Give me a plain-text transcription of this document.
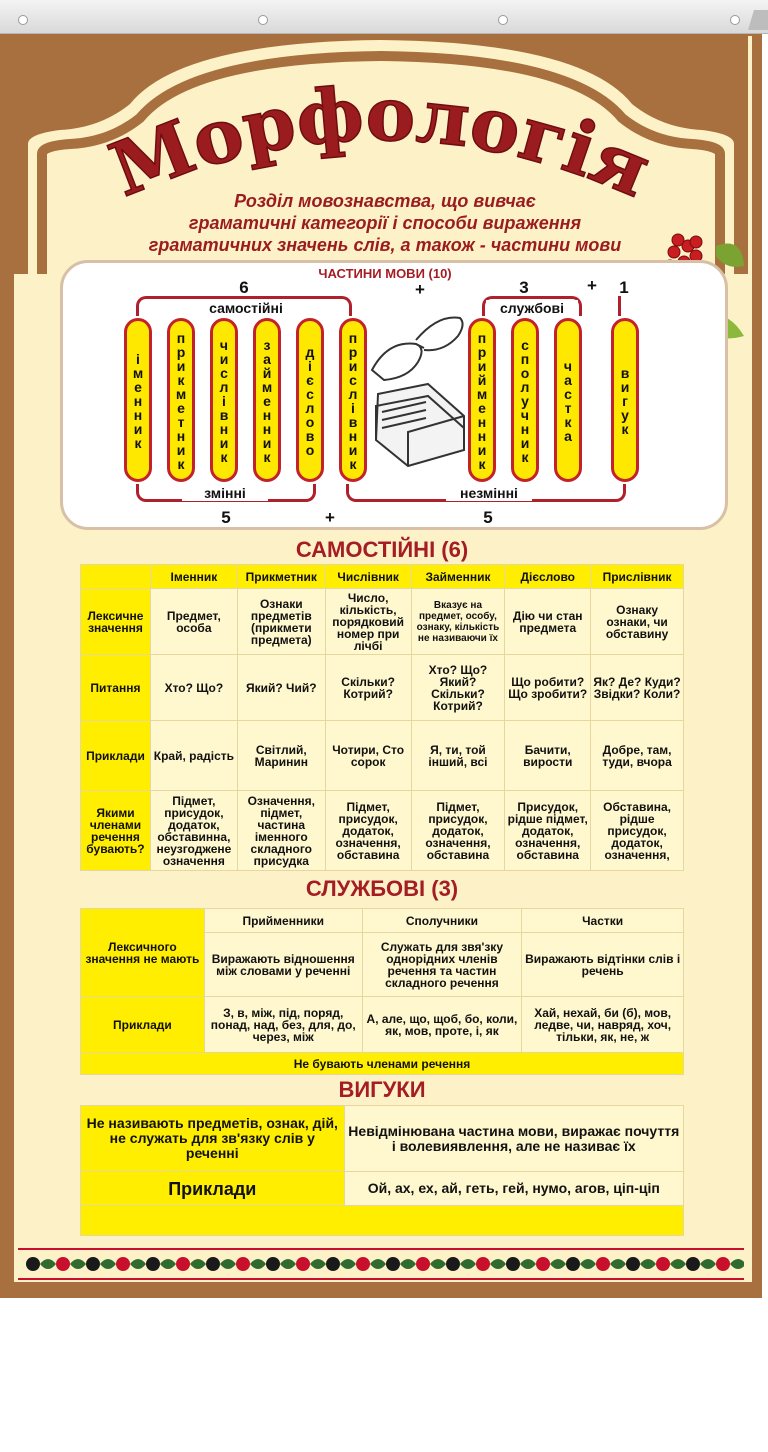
Морфологія
Розділ мовознавства, що вивчає
граматичні категорії і способи вираження
граматичних значень слів, а також - частини мови
ЧАСТИНИ МОВИ (10)
6	+	3	+	1
самостійні	службові
іменник прикметник числівник займенник дієслово прислівник	прийменник сполучник частка	вигук
змінні	незмінні
5	+	5
САМОСТІЙНІ (6)
	Іменник	Прикметник	Числівник	Займенник	Дієслово	Прислівник
Лексичне значення	Предмет, особа	Ознаки предметів (прикмети предмета)	Число, кількість, порядковий номер при лічбі	Вказує на предмет, особу, ознаку, кількість не називаючи їх	Дію чи стан предмета	Ознаку ознаки, чи обставину
Питання	Хто? Що?	Який? Чий?	Скільки? Котрий?	Хто? Що? Який? Скільки? Котрий?	Що робити? Що зробити?	Як? Де? Куди? Звідки? Коли?
Приклади	Край, радість	Світлий, Маринин	Чотири, Сто сорок	Я, ти, той інший, всі	Бачити, вирости	Добре, там, туди, вчора
Якими членами речення бувають?	Підмет, присудок, додаток, обставинна, неузгоджене означення	Означення, підмет, частина іменного складного присудка	Підмет, присудок, додаток, означення, обставина	Підмет, присудок, додаток, означення, обставина	Присудок, рідше підмет, додаток, означення, обставина	Обставина, рідше присудок, додаток, означення,
СЛУЖБОВІ (3)
Лексичного значення не мають	Прийменники	Сполучники	Частки
	Виражають відношення між словами у реченні	Служать для звя'зку однорідних членів речення та частин складного речення	Виражають відтінки слів і речень
Приклади	З, в, між, під, поряд, понад, над, без, для, до, через, між	А, але, що, щоб, бо, коли, як, мов, проте, і, як	Хай, нехай, би (б), мов, ледве, чи, навряд, хоч, тільки, як, не, ж
Не бувають членами речення			
ВИГУКИ
Не називають предметів, ознак, дій, не служать для зв'язку слів у реченні	Невідмінювана частина мови, виражає почуття і волевиявлення, але не називає їх
Приклади	Ой, ах, ех, ай, геть, гей, нумо, агов, ціп-ціп
